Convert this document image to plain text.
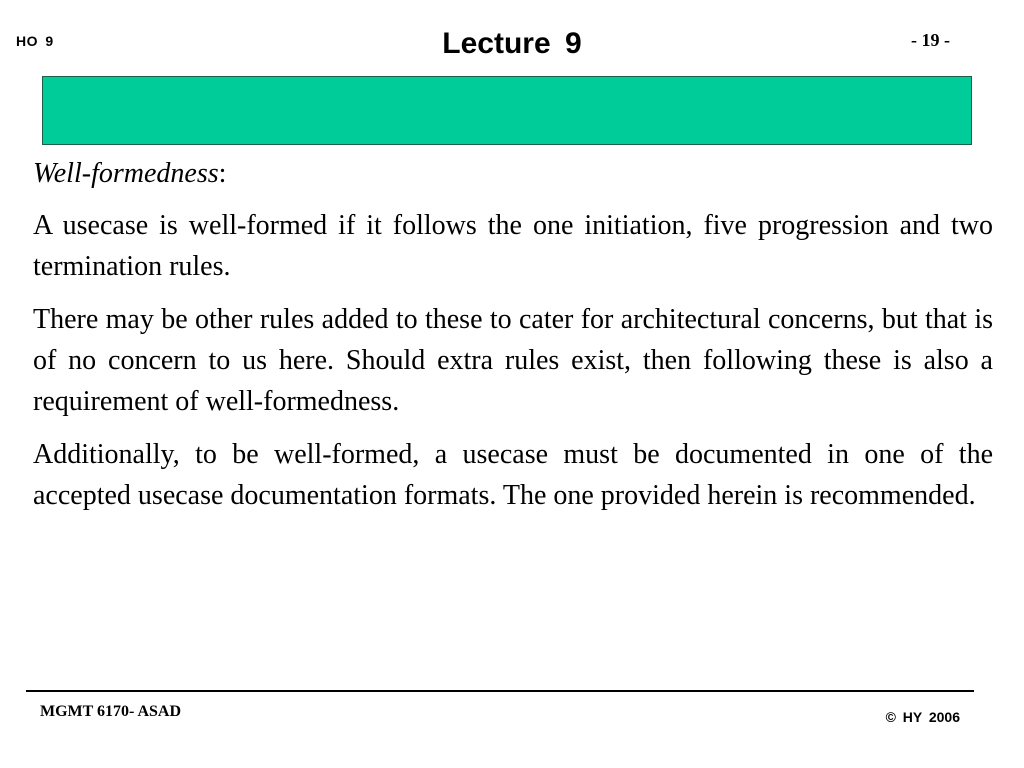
HO 9	Lecture 9	- 19 -
Well-formedness:

A usecase is well-formed if it follows the one initiation, five progression and two termination rules.

There may be other rules added to these to cater for architectural concerns, but that is of no concern to us here. Should extra rules exist, then following these is also a requirement of well-formedness.

Additionally, to be well-formed, a usecase must be documented in one of the accepted usecase documentation formats. The one provided herein is recommended.

MGMT 6170- ASAD	© HY 2006
